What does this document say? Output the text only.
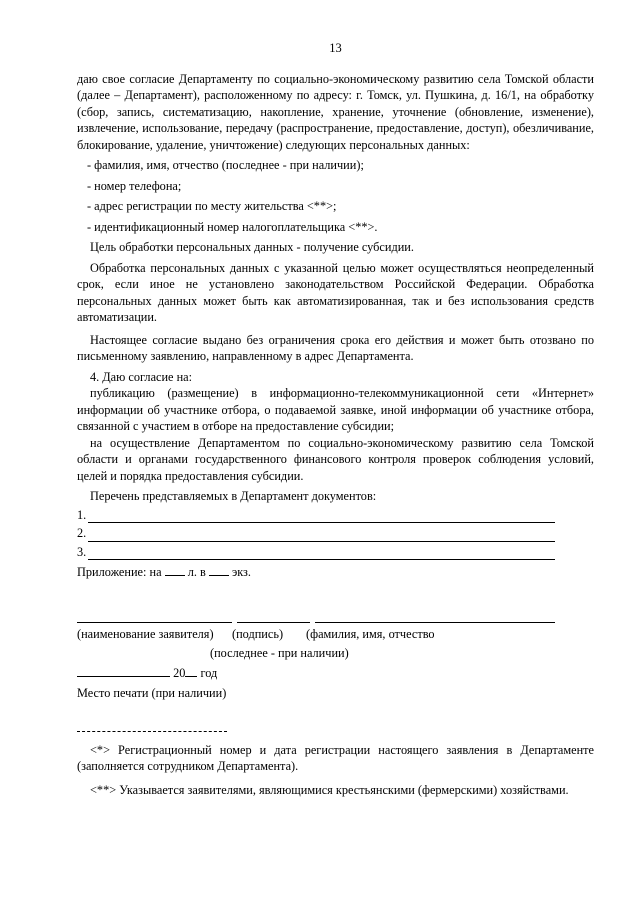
13

даю свое согласие Департаменту по социально-экономическому развитию села Томской области (далее – Департамент), расположенному по адресу: г. Томск, ул. Пушкина, д. 16/1, на обработку (сбор, запись, систематизацию, накопление, хранение, уточнение (обновление, изменение), извлечение, использование, передачу (распространение, предоставление, доступ), обезличивание, блокирование, удаление, уничтожение) следующих персональных данных:

- фамилия, имя, отчество (последнее - при наличии);

- номер телефона;

- адрес регистрации по месту жительства <**>;

- идентификационный номер налогоплательщика <**>.

Цель обработки персональных данных - получение субсидии.

Обработка персональных данных с указанной целью может осуществляться неопределенный срок, если иное не установлено законодательством Российской Федерации. Обработка персональных данных может быть как автоматизированная, так и без использования средств автоматизации.

Настоящее согласие выдано без ограничения срока его действия и может быть отозвано по письменному заявлению, направленному в адрес Департамента.

4. Даю согласие на:

публикацию (размещение) в информационно-телекоммуникационной сети «Интернет» информации об участнике отбора, о подаваемой заявке, иной информации об участнике отбора, связанной с участием в отборе на предоставление субсидии;

на осуществление Департаментом по социально-экономическому развитию села Томской области и органами государственного финансового контроля проверок соблюдения условий, целей и порядка предоставления субсидии.

Перечень представляемых в Департамент документов:

1.
2.
3.

Приложение: на л. в экз.

(наименование заявителя) (подпись) (фамилия, имя, отчество
(последнее - при наличии)

20 год

Место печати (при наличии)

<*> Регистрационный номер и дата регистрации настоящего заявления в Департаменте (заполняется сотрудником Департамента).

<**> Указывается заявителями, являющимися крестьянскими (фермерскими) хозяйствами.
